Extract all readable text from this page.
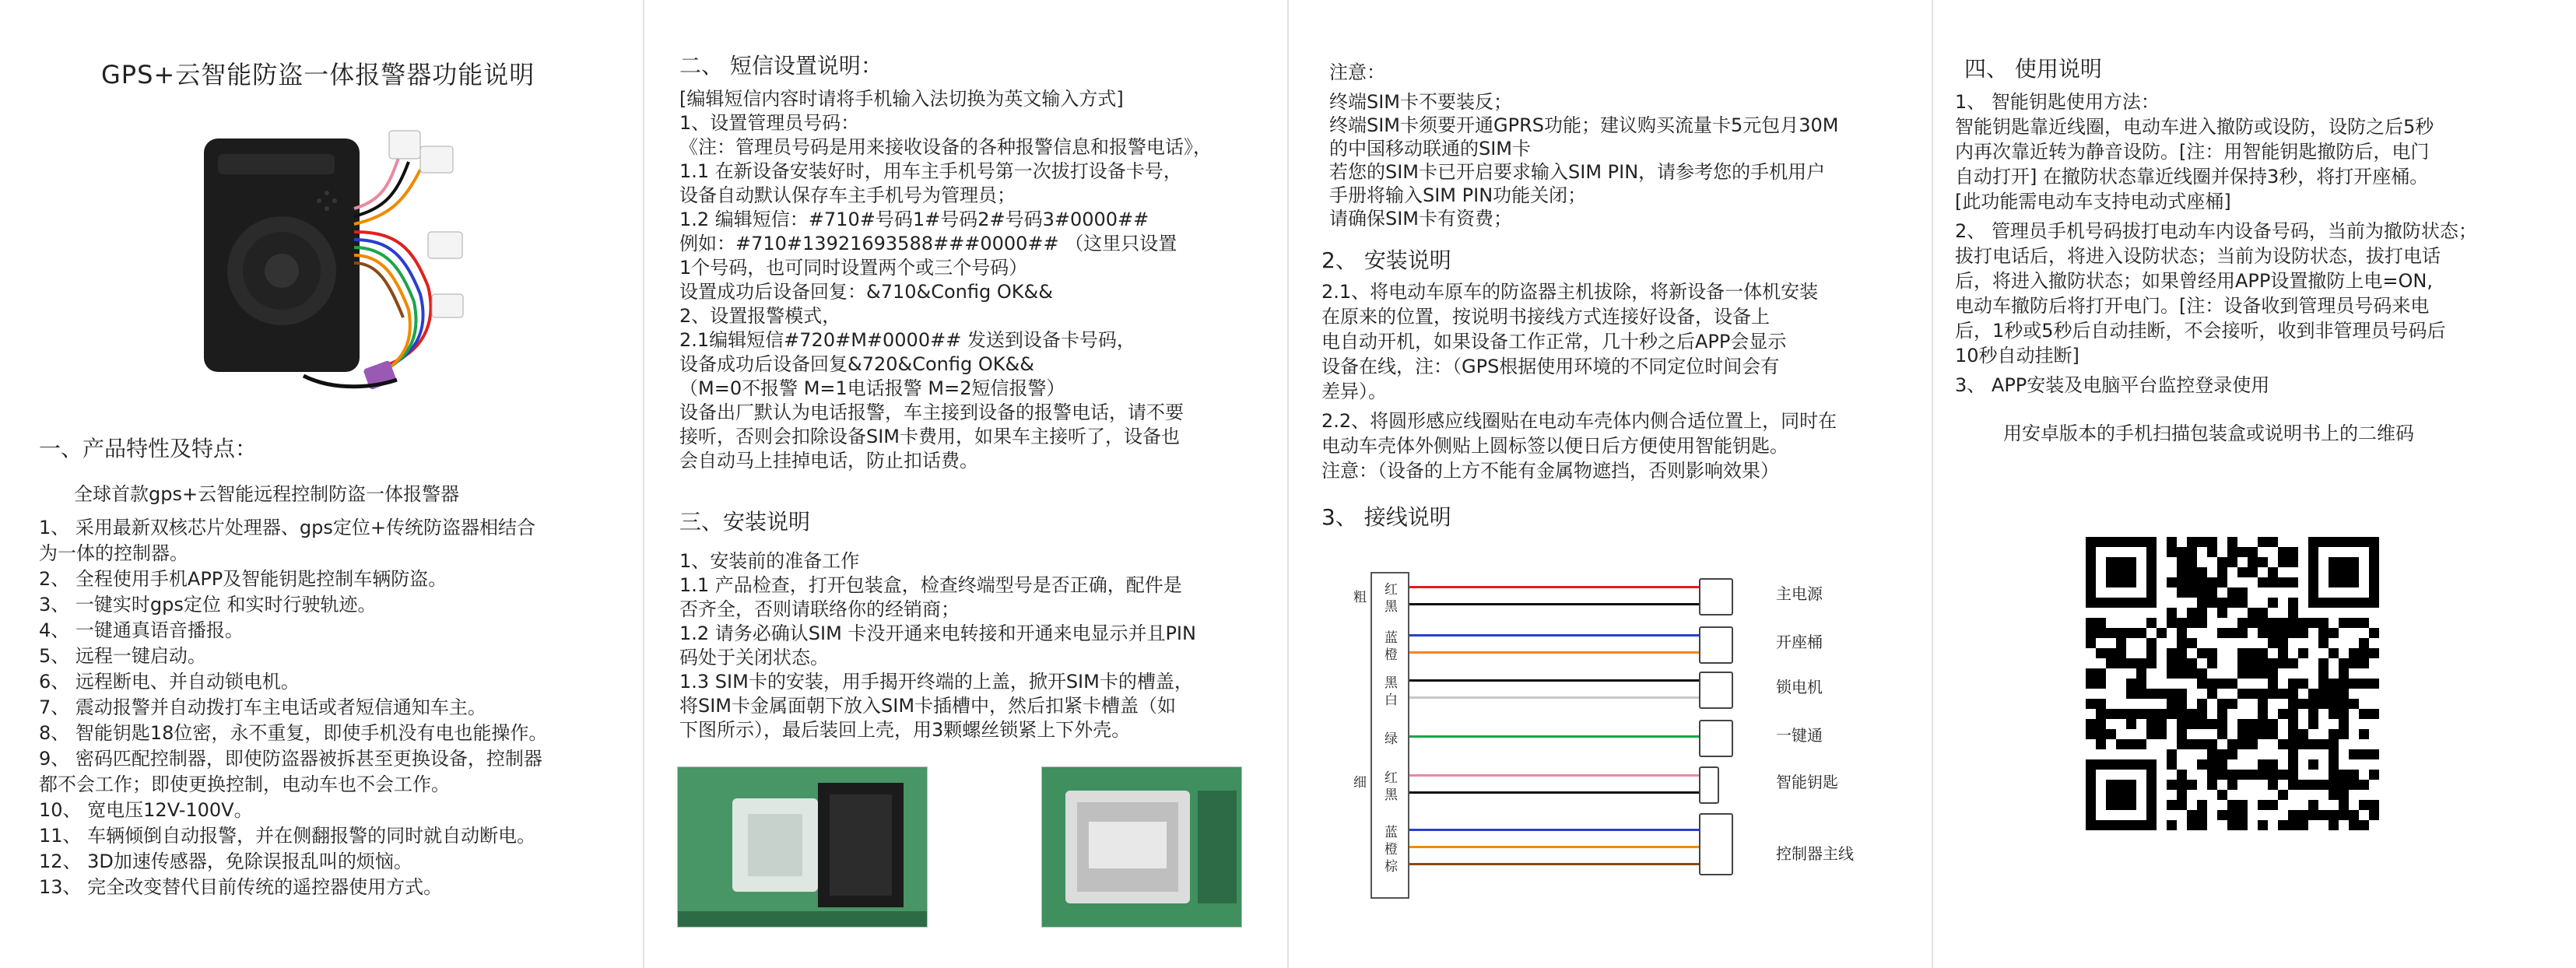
GPS+云智能防盗一体报警器功能说明
一、产品特性及特点：
全球首款gps+云智能远程控制防盗一体报警器
1、 采用最新双核芯片处理器、gps定位+传统防盗器相结合
为一体的控制器。
2、 全程使用手机APP及智能钥匙控制车辆防盗。
3、 一键实时gps定位 和实时行驶轨迹。
4、 一键通真语音播报。
5、 远程一键启动。
6、 远程断电、并自动锁电机。
7、 震动报警并自动拨打车主电话或者短信通知车主。
8、 智能钥匙18位密，永不重复，即使手机没有电也能操作。
9、 密码匹配控制器，即使防盗器被拆甚至更换设备，控制器
都不会工作；即使更换控制，电动车也不会工作。
10、 宽电压12V-100V。
11、 车辆倾倒自动报警，并在侧翻报警的同时就自动断电。
12、 3D加速传感器，免除误报乱叫的烦恼。
13、 完全改变替代目前传统的遥控器使用方式。
二、 短信设置说明：
[编辑短信内容时请将手机输入法切换为英文输入方式]
1、设置管理员号码：
《注：管理员号码是用来接收设备的各种报警信息和报警电话》，
1.1 在新设备安装好时，用车主手机号第一次拔打设备卡号，
设备自动默认保存车主手机号为管理员；
1.2 编辑短信：#710#号码1#号码2#号码3#0000##
例如：#710#13921693588###0000## （这里只设置
1个号码，也可同时设置两个或三个号码）
设置成功后设备回复：&710&Config OK&&
2、设置报警模式，
2.1编辑短信#720#M#0000## 发送到设备卡号码，
设备成功后设备回复&720&Config OK&&
（M=0不报警 M=1电话报警 M=2短信报警）
设备出厂默认为电话报警，车主接到设备的报警电话，请不要
接听，否则会扣除设备SIM卡费用，如果车主接听了，设备也
会自动马上挂掉电话，防止扣话费。
三、安装说明
1、安装前的准备工作
1.1 产品检查，打开包装盒，检查终端型号是否正确，配件是
否齐全，否则请联络你的经销商；
1.2 请务必确认SIM 卡没开通来电转接和开通来电显示并且PIN
码处于关闭状态。
1.3 SIM卡的安装，用手揭开终端的上盖，掀开SIM卡的槽盖，
将SIM卡金属面朝下放入SIM卡插槽中，然后扣紧卡槽盖（如
下图所示），最后装回上壳，用3颗螺丝锁紧上下外壳。
注意：
终端SIM卡不要装反；
终端SIM卡须要开通GPRS功能；建议购买流量卡5元包月30M
的中国移动联通的SIM卡
若您的SIM卡已开启要求输入SIM PIN，请参考您的手机用户
手册将输入SIM PIN功能关闭；
请确保SIM卡有资费；
2、 安装说明
2.1、将电动车原车的防盗器主机拔除，将新设备一体机安装
在原来的位置，按说明书接线方式连接好设备，设备上
电自动开机，如果设备工作正常，几十秒之后APP会显示
设备在线，注：（GPS根据使用环境的不同定位时间会有
差异）。
2.2、将圆形感应线圈贴在电动车壳体内侧合适位置上，同时在
电动车壳体外侧贴上圆标签以便日后方便使用智能钥匙。
注意：（设备的上方不能有金属物遮挡，否则影响效果）
3、 接线说明
粗
细
红
黑
蓝
橙
黑
白
绿
红
黑
蓝
橙
棕
主电源
开座桶
锁电机
一键通
智能钥匙
控制器主线
四、 使用说明
1、 智能钥匙使用方法：
智能钥匙靠近线圈，电动车进入撤防或设防，设防之后5秒
内再次靠近转为静音设防。[注：用智能钥匙撤防后，电门
自动打开] 在撤防状态靠近线圈并保持3秒，将打开座桶。
[此功能需电动车支持电动式座桶]
2、 管理员手机号码拔打电动车内设备号码，当前为撤防状态；
拔打电话后，将进入设防状态；当前为设防状态，拔打电话
后，将进入撤防状态；如果曾经用APP设置撤防上电=ON,
电动车撤防后将打开电门。[注：设备收到管理员号码来电
后，1秒或5秒后自动挂断，不会接听，收到非管理员号码后
10秒自动挂断]
3、 APP安装及电脑平台监控登录使用
用安卓版本的手机扫描包装盒或说明书上的二维码
